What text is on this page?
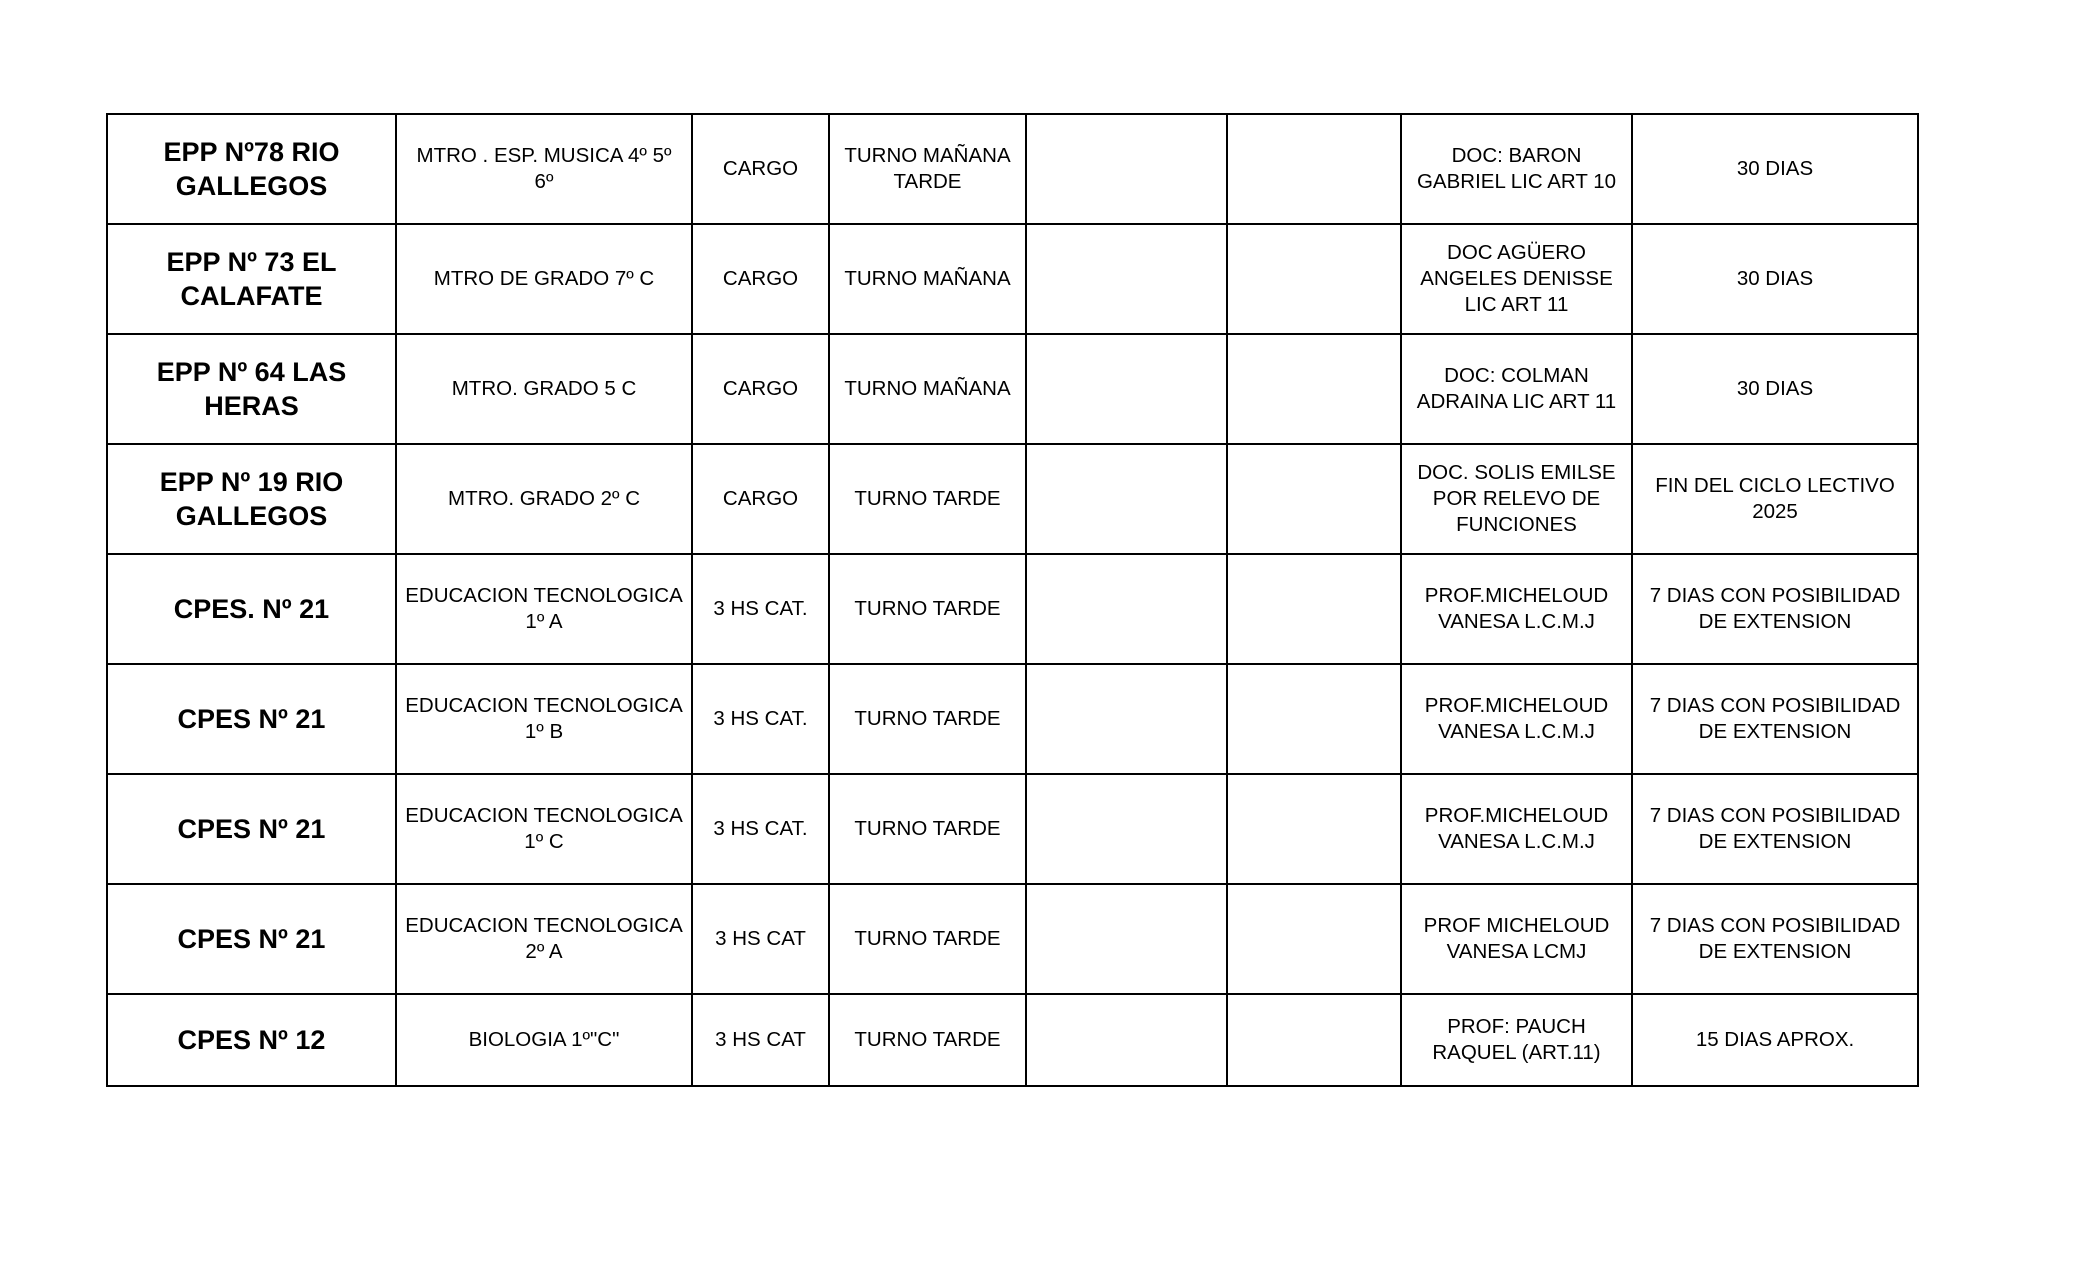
EPP Nº78 RIO
GALLEGOS	MTRO . ESP. MUSICA 4º 5º
6º	CARGO	TURNO MAÑANA
TARDE			DOC: BARON
GABRIEL LIC ART 10	30 DIAS
EPP Nº 73 EL
CALAFATE	MTRO DE GRADO 7º C	CARGO	TURNO MAÑANA			DOC AGÜERO
ANGELES DENISSE
LIC ART 11	30 DIAS
EPP Nº 64 LAS
HERAS	MTRO. GRADO 5 C	CARGO	TURNO MAÑANA			DOC: COLMAN
ADRAINA LIC ART 11	30 DIAS
EPP Nº 19 RIO
GALLEGOS	MTRO. GRADO 2º C	CARGO	TURNO TARDE			DOC. SOLIS EMILSE
POR RELEVO DE
FUNCIONES	FIN DEL CICLO LECTIVO
2025
CPES. Nº 21	EDUCACION TECNOLOGICA
1º A	3 HS CAT.	TURNO TARDE			PROF.MICHELOUD
VANESA L.C.M.J	7 DIAS CON POSIBILIDAD
DE EXTENSION
CPES Nº 21	EDUCACION TECNOLOGICA
1º B	3 HS CAT.	TURNO TARDE			PROF.MICHELOUD
VANESA L.C.M.J	7 DIAS CON POSIBILIDAD
DE EXTENSION
CPES Nº 21	EDUCACION TECNOLOGICA
1º C	3 HS CAT.	TURNO TARDE			PROF.MICHELOUD
VANESA L.C.M.J	7 DIAS CON POSIBILIDAD
DE EXTENSION
CPES Nº 21	EDUCACION TECNOLOGICA
2º A	3 HS CAT	TURNO TARDE			PROF MICHELOUD
VANESA LCMJ	7 DIAS CON POSIBILIDAD
DE EXTENSION
CPES Nº 12	BIOLOGIA 1º"C"	3 HS CAT	TURNO TARDE			PROF: PAUCH
RAQUEL (ART.11)	15 DIAS APROX.
